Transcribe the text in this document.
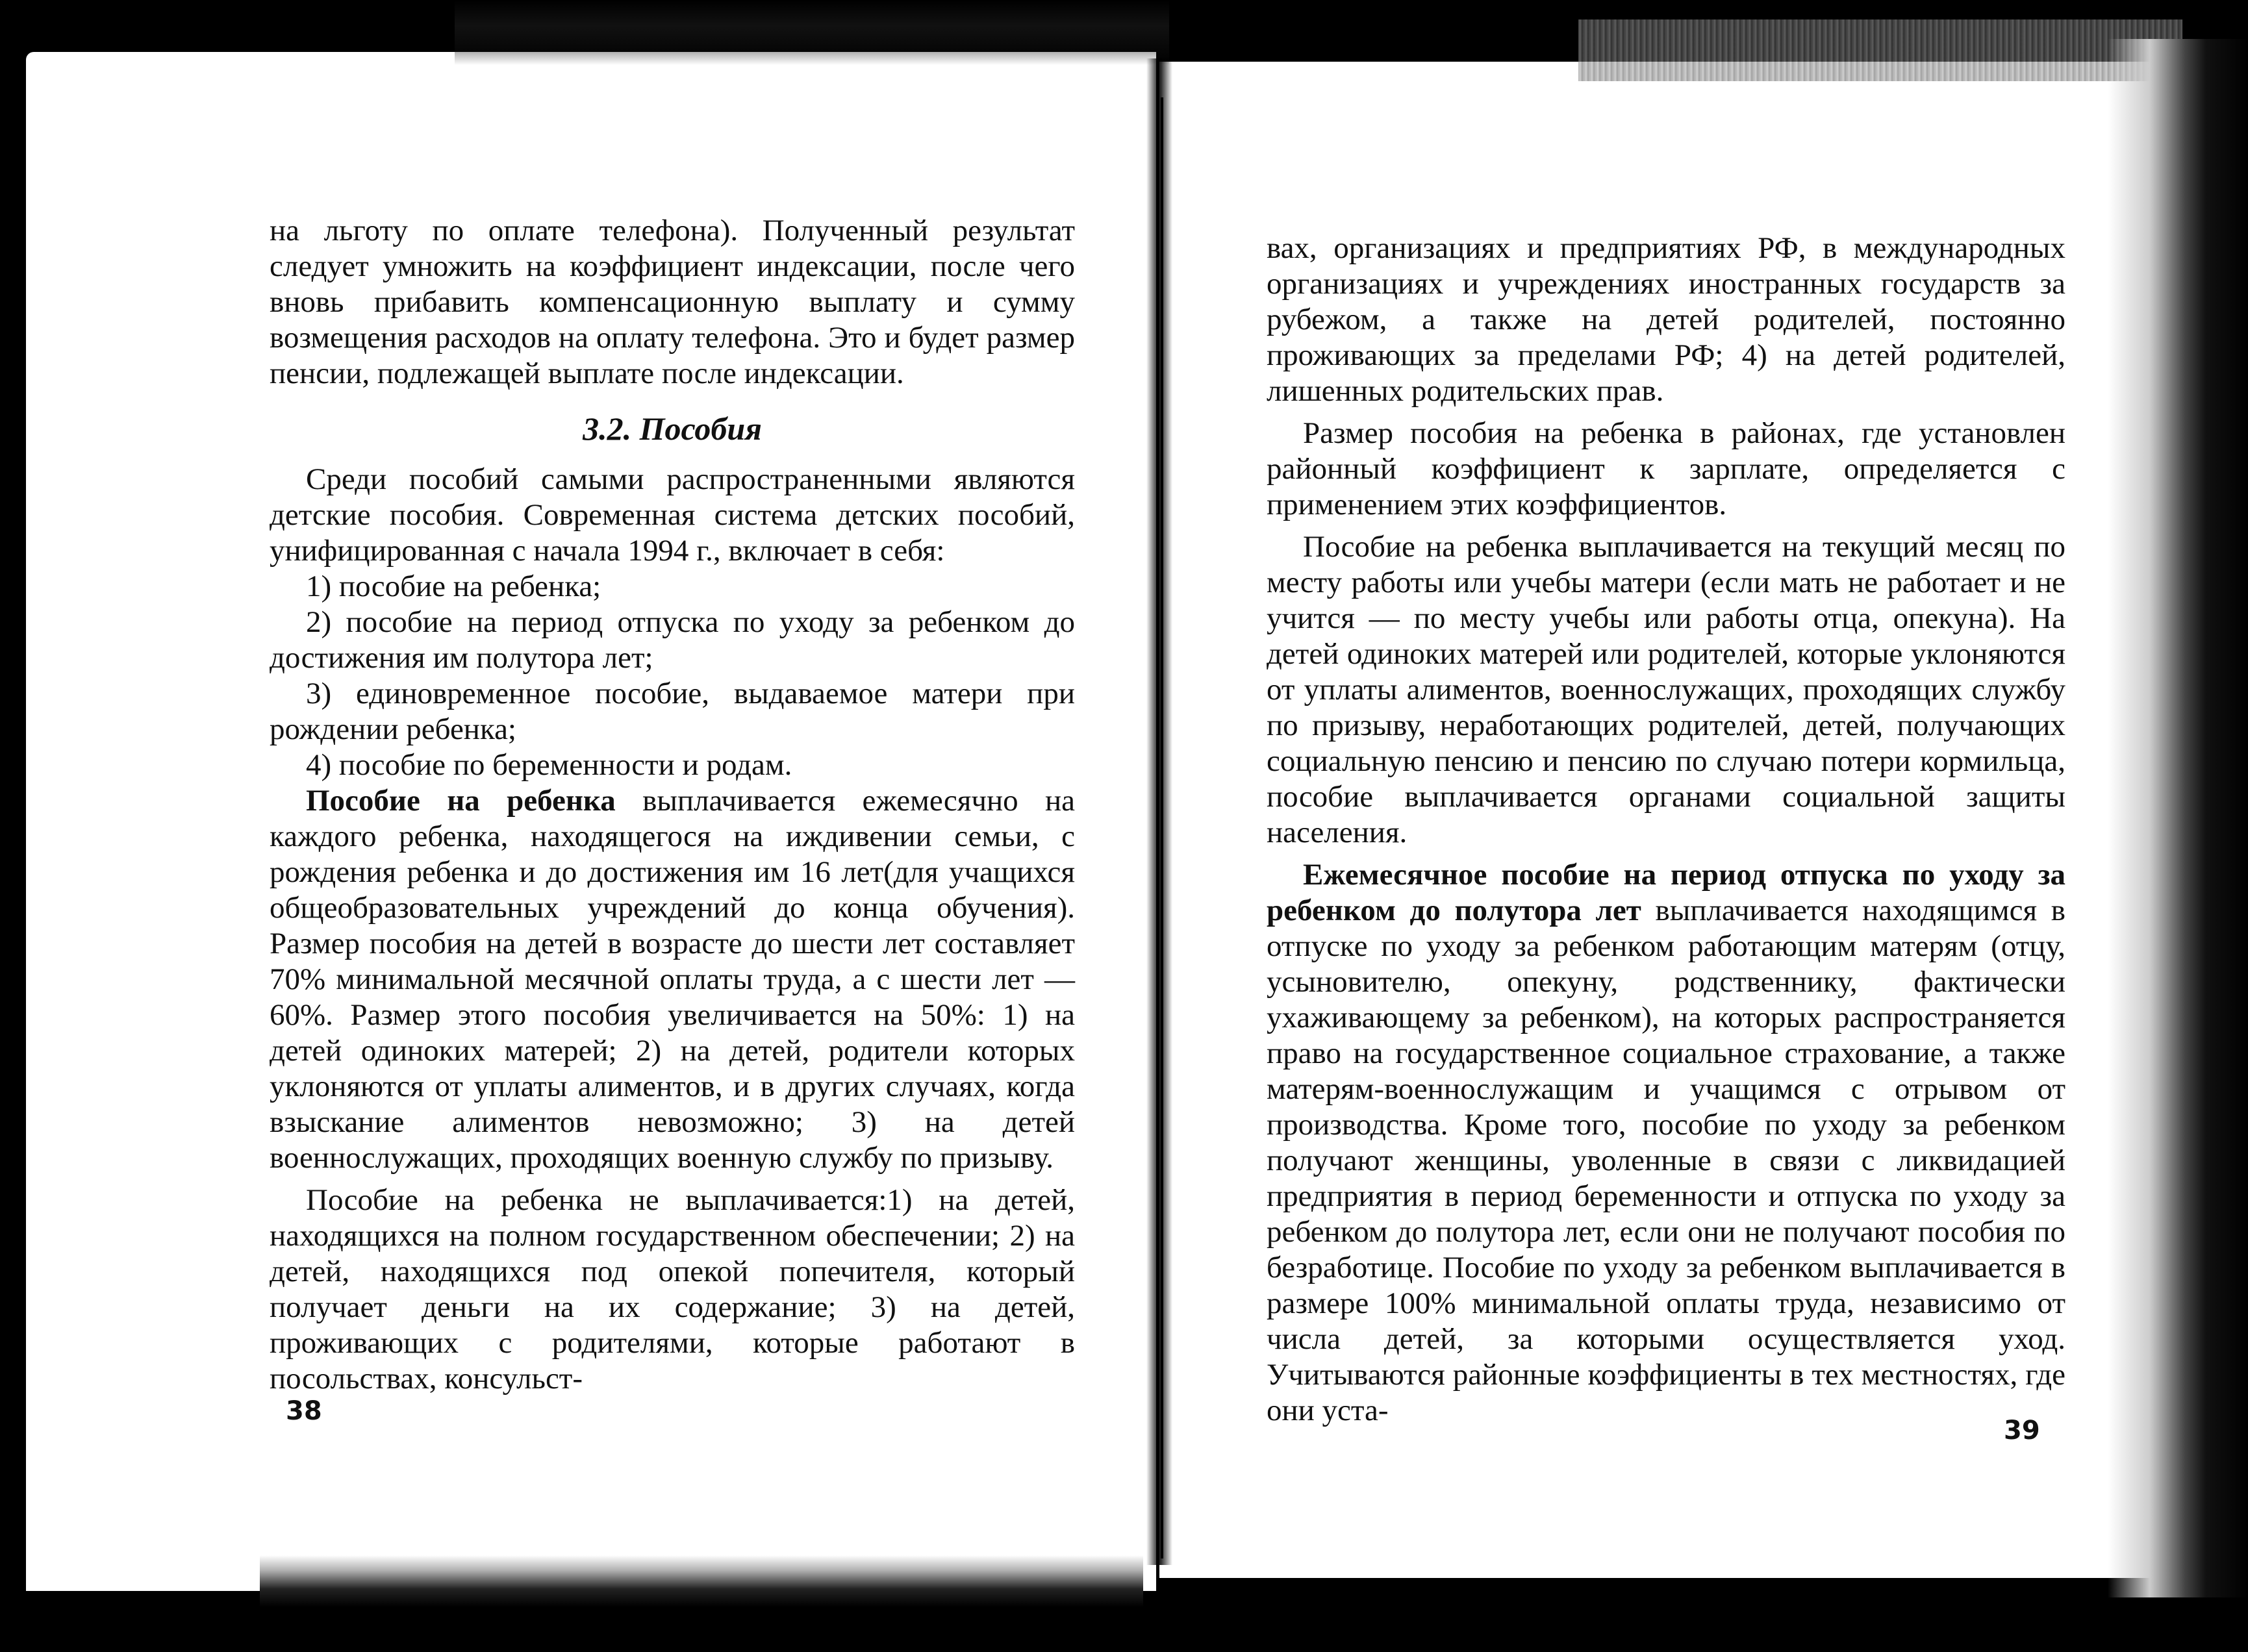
на льготу по оплате телефона). Полученный результат следует умножить на коэффициент индексации, после чего вновь прибавить компенсационную выплату и сумму возмещения расходов на оплату телефона. Это и будет размер пенсии, подлежащей выплате после индексации.

3.2. Пособия

Среди пособий самыми распространенными являются детские пособия. Современная система детских пособий, унифицированная с начала 1994 г., включает в себя:

1) пособие на ребенка;

2) пособие на период отпуска по уходу за ребенком до достижения им полутора лет;

3) единовременное пособие, выдаваемое матери при рождении ребенка;

4) пособие по беременности и родам.

Пособие на ребенка выплачивается ежемесячно на каждого ребенка, находящегося на иждивении семьи, с рождения ребенка и до достижения им 16 лет(для учащихся общеобразовательных учреждений до конца обучения). Размер пособия на детей в возрасте до шести лет составляет 70% минимальной месячной оплаты труда, а с шести лет — 60%. Размер этого пособия увеличивается на 50%: 1) на детей одиноких матерей; 2) на детей, родители которых уклоняются от уплаты алиментов, и в других случаях, когда взыскание алиментов невозможно; 3) на детей военнослужащих, проходящих военную службу по призыву.

Пособие на ребенка не выплачивается:1) на детей, находящихся на полном государственном обеспечении; 2) на детей, находящихся под опекой попечителя, который получает деньги на их содержание; 3) на детей, проживающих с родителями, которые работают в посольствах, консульст-

38

вах, организациях и предприятиях РФ, в международных организациях и учреждениях иностранных государств за рубежом, а также на детей родителей, постоянно проживающих за пределами РФ; 4) на детей родителей, лишенных родительских прав.

Размер пособия на ребенка в районах, где установлен районный коэффициент к зарплате, определяется с применением этих коэффициентов.

Пособие на ребенка выплачивается на текущий месяц по месту работы или учебы матери (если мать не работает и не учится — по месту учебы или работы отца, опекуна). На детей одиноких матерей или родителей, которые уклоняются от уплаты алиментов, военнослужащих, проходящих службу по призыву, неработающих родителей, детей, получающих социальную пенсию и пенсию по случаю потери кормильца, пособие выплачивается органами социальной защиты населения.

Ежемесячное пособие на период отпуска по уходу за ребенком до полутора лет выплачивается находящимся в отпуске по уходу за ребенком работающим матерям (отцу, усыновителю, опекуну, родственнику, фактически ухаживающему за ребенком), на которых распространяется право на государственное социальное страхование, а также матерям-военнослужащим и учащимся с отрывом от производства. Кроме того, пособие по уходу за ребенком получают женщины, уволенные в связи с ликвидацией предприятия в период беременности и отпуска по уходу за ребенком до полутора лет, если они не получают пособия по безработице. Пособие по уходу за ребенком выплачивается в размере 100% минимальной оплаты труда, независимо от числа детей, за которыми осуществляется уход. Учитываются районные коэффициенты в тех местностях, где они уста-

39
